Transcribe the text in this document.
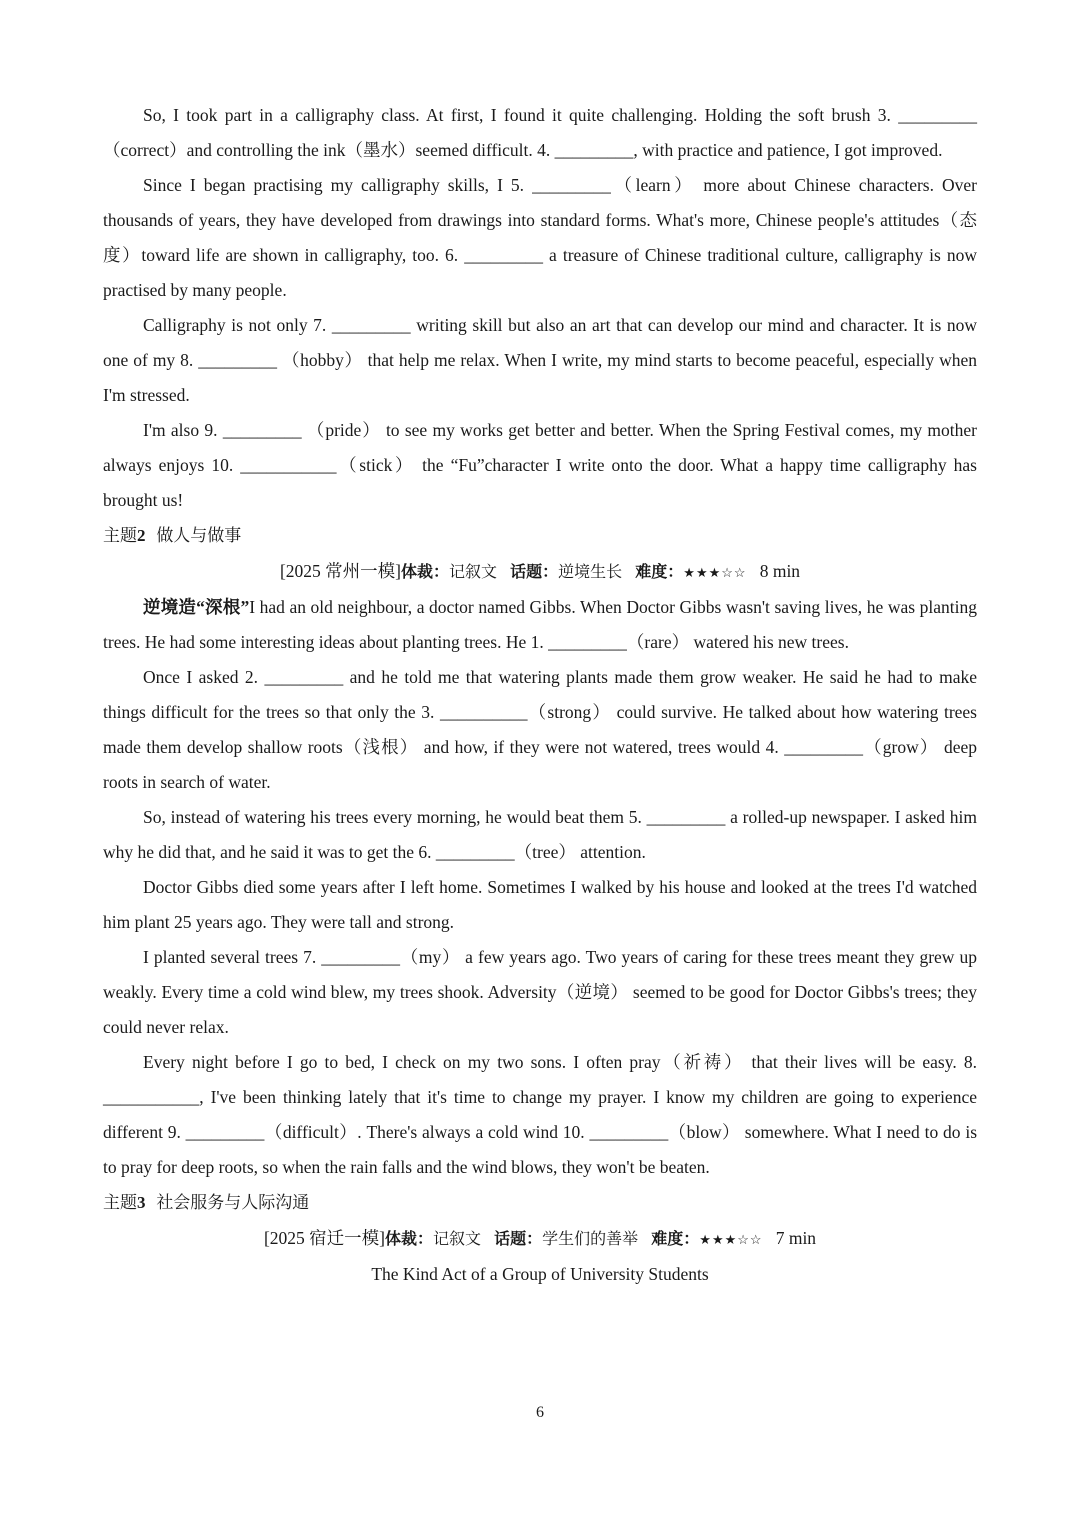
So, I took part in a calligraphy class. At first, I found it quite challenging. Holding the soft brush 3. _________（correct）and controlling the ink（墨水）seemed difficult. 4. _________, with practice and patience, I got improved.

Since I began practising my calligraphy skills, I 5. _________（learn） more about Chinese characters. Over thousands of years, they have developed from drawings into standard forms. What's more, Chinese people's attitudes（态度）toward life are shown in calligraphy, too. 6. _________ a treasure of Chinese traditional culture, calligraphy is now practised by many people.

Calligraphy is not only 7. _________ writing skill but also an art that can develop our mind and character. It is now one of my 8. _________ （hobby） that help me relax. When I write, my mind starts to become peaceful, especially when I'm stressed.

I'm also 9. _________ （pride） to see my works get better and better. When the Spring Festival comes, my mother always enjoys 10. ___________（stick） the “Fu”character I write onto the door. What a happy time calligraphy has brought us!

主题2 做人与做事

[2025 常州一模]体裁：记叙文 话题：逆境生长 难度：★★★☆☆ 8 min

逆境造“深根”I had an old neighbour, a doctor named Gibbs. When Doctor Gibbs wasn't saving lives, he was planting trees. He had some interesting ideas about planting trees. He 1. _________（rare） watered his new trees.

Once I asked 2. _________ and he told me that watering plants made them grow weaker. He said he had to make things difficult for the trees so that only the 3. __________（strong） could survive. He talked about how watering trees made them develop shallow roots（浅根） and how, if they were not watered, trees would 4. _________（grow） deep roots in search of water.

So, instead of watering his trees every morning, he would beat them 5. _________ a rolled-up newspaper. I asked him why he did that, and he said it was to get the 6. _________（tree） attention.

Doctor Gibbs died some years after I left home. Sometimes I walked by his house and looked at the trees I'd watched him plant 25 years ago. They were tall and strong.

I planted several trees 7. _________（my） a few years ago. Two years of caring for these trees meant they grew up weakly. Every time a cold wind blew, my trees shook. Adversity（逆境） seemed to be good for Doctor Gibbs's trees; they could never relax.

Every night before I go to bed, I check on my two sons. I often pray（祈祷） that their lives will be easy. 8. ___________, I've been thinking lately that it's time to change my prayer. I know my children are going to experience different 9. _________（difficult）. There's always a cold wind 10. _________（blow） somewhere. What I need to do is to pray for deep roots, so when the rain falls and the wind blows, they won't be beaten.

主题3 社会服务与人际沟通

[2025 宿迁一模]体裁：记叙文 话题：学生们的善举 难度：★★★☆☆ 7 min

The Kind Act of a Group of University Students

6
